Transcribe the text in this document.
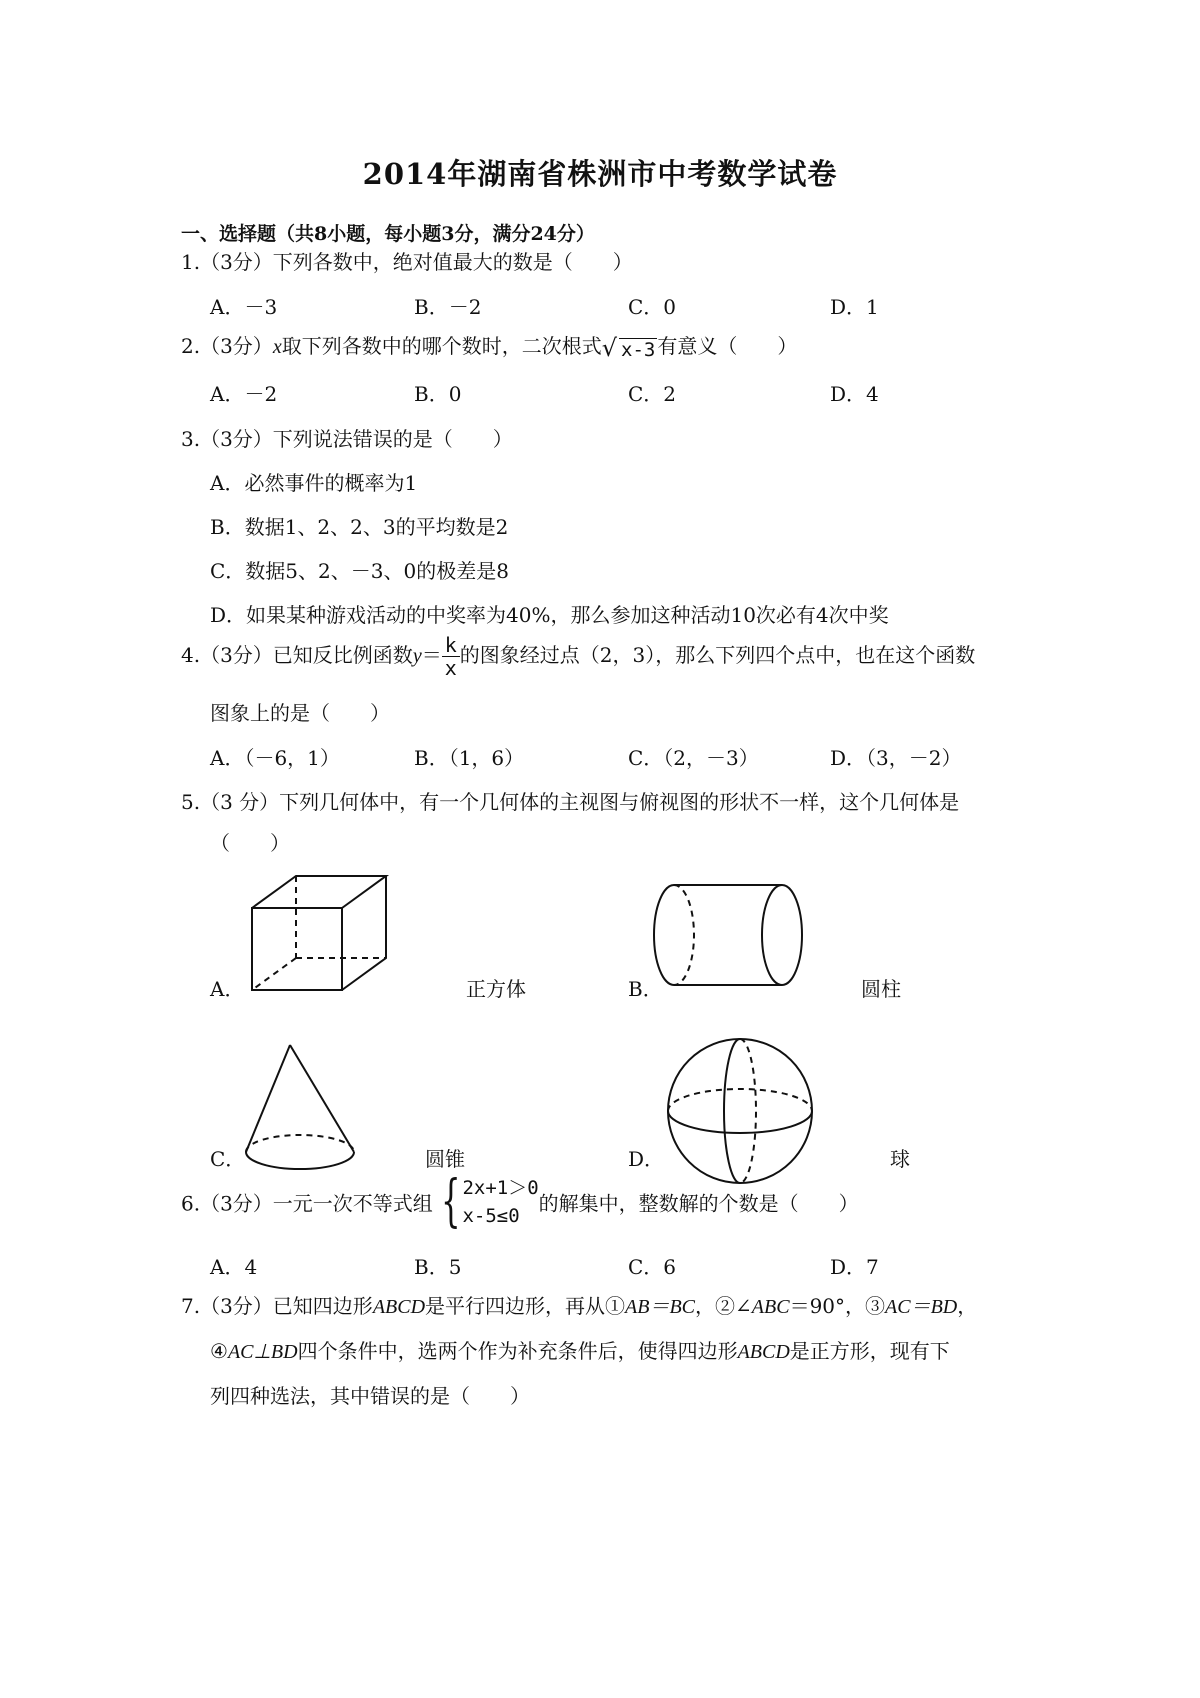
2014年湖南省株洲市中考数学试卷
一、选择题（共8小题，每小题3分，满分24分）
1.（3分）下列各数中，绝对值最大的数是（　　）
A．－3	B．－2	C．0	D．1
2.（3分）x取下列各数中的哪个数时，二次根式√ x-3 有意义（　　）
A．－2	B．0	C．2	D．4
3.（3分）下列说法错误的是（　　）
A．必然事件的概率为1
B．数据1、2、2、3的平均数是2
C．数据5、2、－3、0的极差是8
D．如果某种游戏活动的中奖率为40%，那么参加这种活动10次必有4次中奖
4.（3分）已知反比例函数$y= \frac{k}{x}$ 的图象经过点（2，3），那么下列四个点中，也在这个函数
图象上的是（　　）
A．（－6，1）	B．（1，6）	C．（2，－3）	D．（3，－2）
5.（3 分）下列几何体中，有一个几何体的主视图与俯视图的形状不一样，这个几何体是
（　　）
A．	正方体	B．	圆柱
C．	圆锥	D．	球
6.（3分）一元一次不等式组 { 2x+1＞0
x-5≤0
的解集中，整数解的个数是（　　）
A．4	B．5	C．6	D．7
7.（3分）已知四边形ABCD是平行四边形，再从①AB＝BC，②∠ABC＝90°，③AC＝BD，
④AC⊥BD四个条件中，选两个作为补充条件后，使得四边形ABCD是正方形，现有下
列四种选法，其中错误的是（　　）
